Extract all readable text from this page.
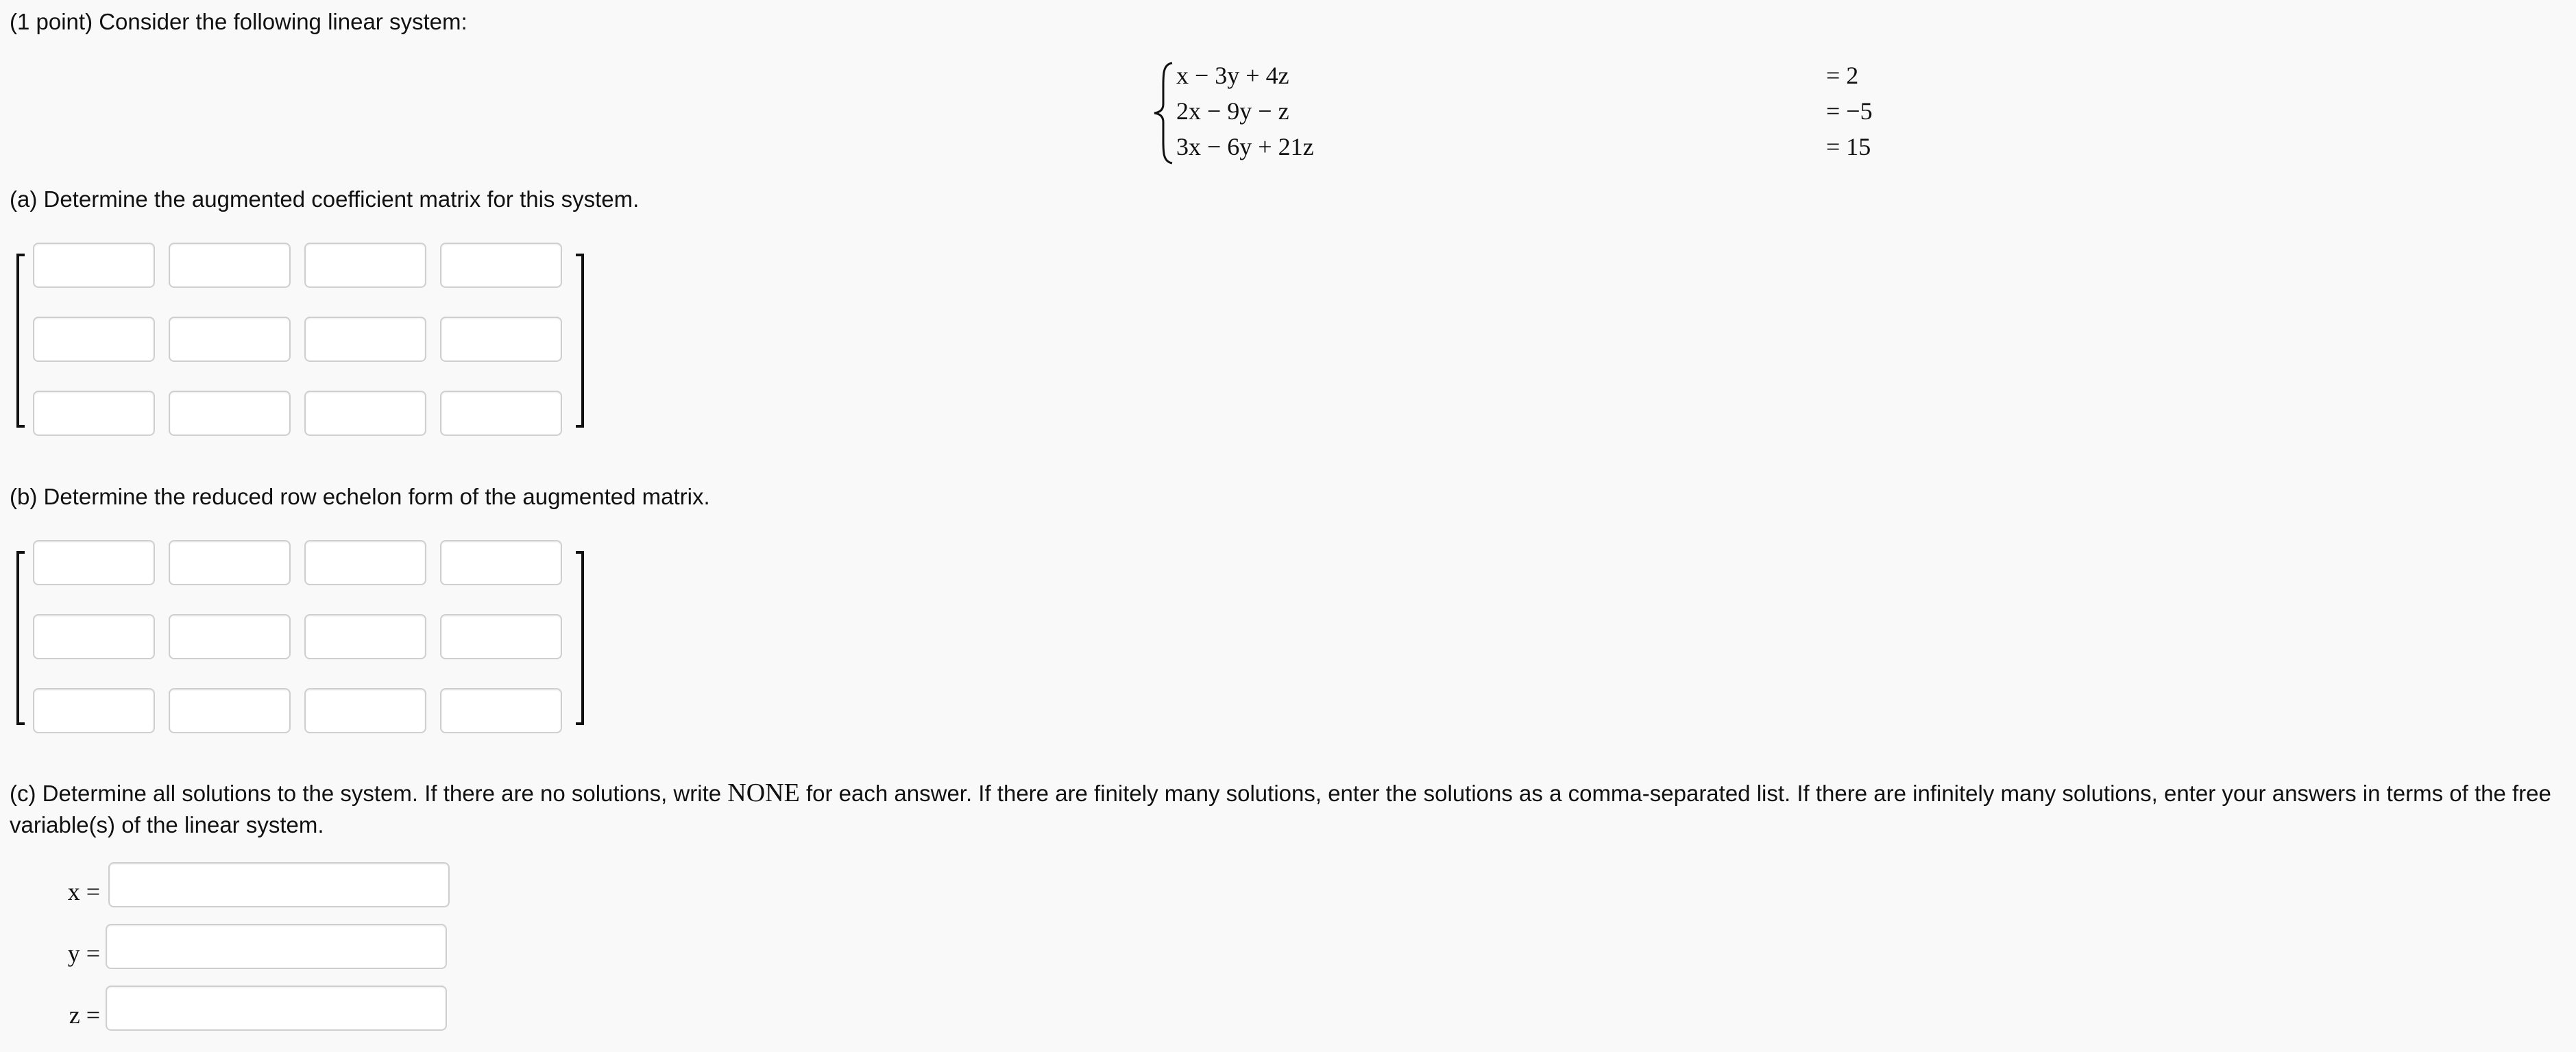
(1 point) Consider the following linear system:
x − 3y + 4z	= 2
2x − 9y − z	= −5
3x − 6y + 21z	= 15
(a) Determine the augmented coefficient matrix for this system.
(b) Determine the reduced row echelon form of the augmented matrix.
(c) Determine all solutions to the system. If there are no solutions, write NONE for each answer. If there are finitely many solutions, enter the solutions as a comma-separated list. If there are infinitely many solutions, enter your answers in terms of the free variable(s) of the linear system.
x =
y =
z =
